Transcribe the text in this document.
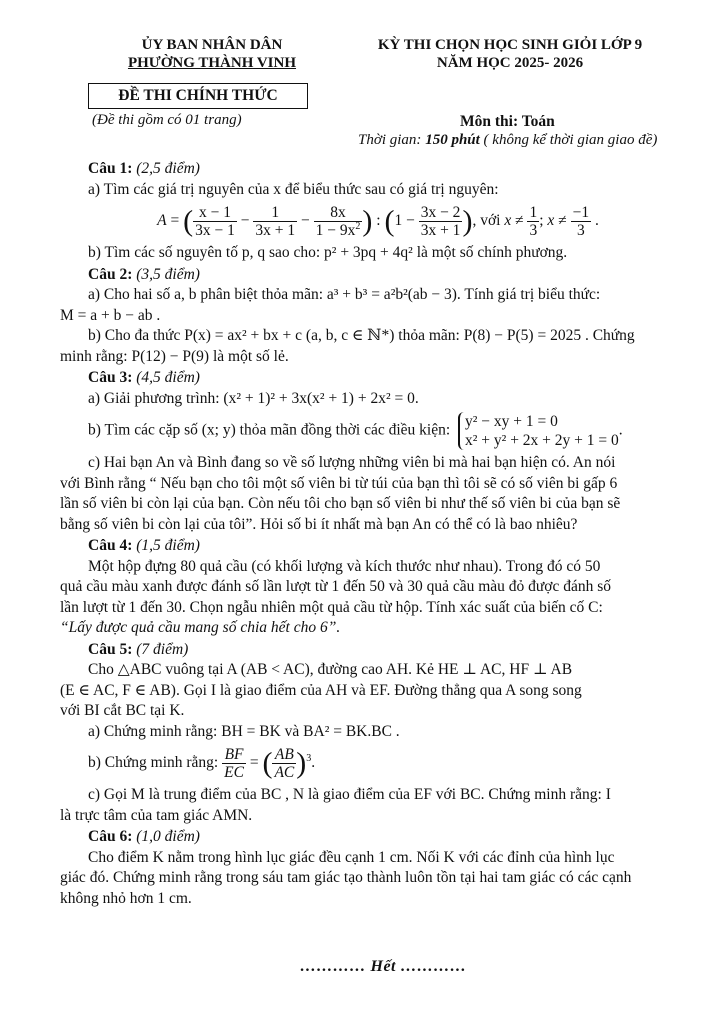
ỦY BAN NHÂN DÂN
PHƯỜNG THÀNH VINH
KỲ THI CHỌN HỌC SINH GIỎI LỚP 9
NĂM HỌC 2025- 2026
ĐỀ THI CHÍNH THỨC
(Đề thi gồm có 01 trang)	Môn thi: Toán
Thời gian: 150 phút ( không kể thời gian giao đề)
Câu 1: (2,5 điểm)

a) Tìm các giá trị nguyên của x để biểu thức sau có giá trị nguyên:

A = ( $\frac{x - 1}{3x - 1} - \frac{1}{3x + 1} - \frac{8x}{1 - 9x^2}$ ) : ($1 - \frac{3x - 2}{3x + 1}$ ), với $x \ne \frac{1}{3}$ ; $x \ne \frac{-1}{3}$ .

b) Tìm các số nguyên tố p, q sao cho: p² + 3pq + 4q² là một số chính phương.

Câu 2: (3,5 điểm)

a) Cho hai số a, b phân biệt thỏa mãn: a³ + b³ = a²b²(ab − 3). Tính giá trị biểu thức:

M = a + b − ab .

b) Cho đa thức P(x) = ax² + bx + c (a, b, c ∈ ℕ*) thỏa mãn: P(8) − P(5) = 2025 . Chứng

minh rằng: P(12) − P(9) là một số lẻ.

Câu 3: (4,5 điểm)

a) Giải phương trình: (x² + 1)² + 3x(x² + 1) + 2x² = 0.

b) Tìm các cặp số (x; y) thỏa mãn đồng thời các điều kiện:
y² − xy + 1 = 0
x² + y² + 2x + 2y + 1 = 0
.

c) Hai bạn An và Bình đang so về số lượng những viên bi mà hai bạn hiện có. An nói

với Bình rằng “ Nếu bạn cho tôi một số viên bi từ túi của bạn thì tôi sẽ có số viên bi gấp 6

lần số viên bi còn lại của bạn. Còn nếu tôi cho bạn số viên bi như thế số viên bi của bạn sẽ

bằng số viên bi còn lại của tôi”. Hỏi số bi ít nhất mà bạn An có thể có là bao nhiêu?

Câu 4: (1,5 điểm)

Một hộp đựng 80 quả cầu (có khối lượng và kích thước như nhau). Trong đó có 50

quả cầu màu xanh được đánh số lần lượt từ 1 đến 50 và 30 quả cầu màu đỏ được đánh số

lần lượt từ 1 đến 30. Chọn ngẫu nhiên một quả cầu từ hộp. Tính xác suất của biến cố C:

“Lấy được quả cầu mang số chia hết cho 6”.

Câu 5: (7 điểm)

Cho △ABC vuông tại A (AB < AC), đường cao AH. Kẻ HE ⊥ AC, HF ⊥ AB

(E ∈ AC, F ∈ AB). Gọi I là giao điểm của AH và EF. Đường thẳng qua A song song

với BI cắt BC tại K.

a) Chứng minh rằng: BH = BK và BA² = BK.BC .

b) Chứng minh rằng: $\frac{BF}{EC}$ = ( $\frac{AB}{AC} )^3$.

c) Gọi M là trung điểm của BC , N là giao điểm của EF với BC. Chứng minh rằng: I

là trực tâm của tam giác AMN.

Câu 6: (1,0 điểm)

Cho điểm K nằm trong hình lục giác đều cạnh 1 cm. Nối K với các đỉnh của hình lục

giác đó. Chứng minh rằng trong sáu tam giác tạo thành luôn tồn tại hai tam giác có các cạnh

không nhỏ hơn 1 cm.

………… Hết …………
